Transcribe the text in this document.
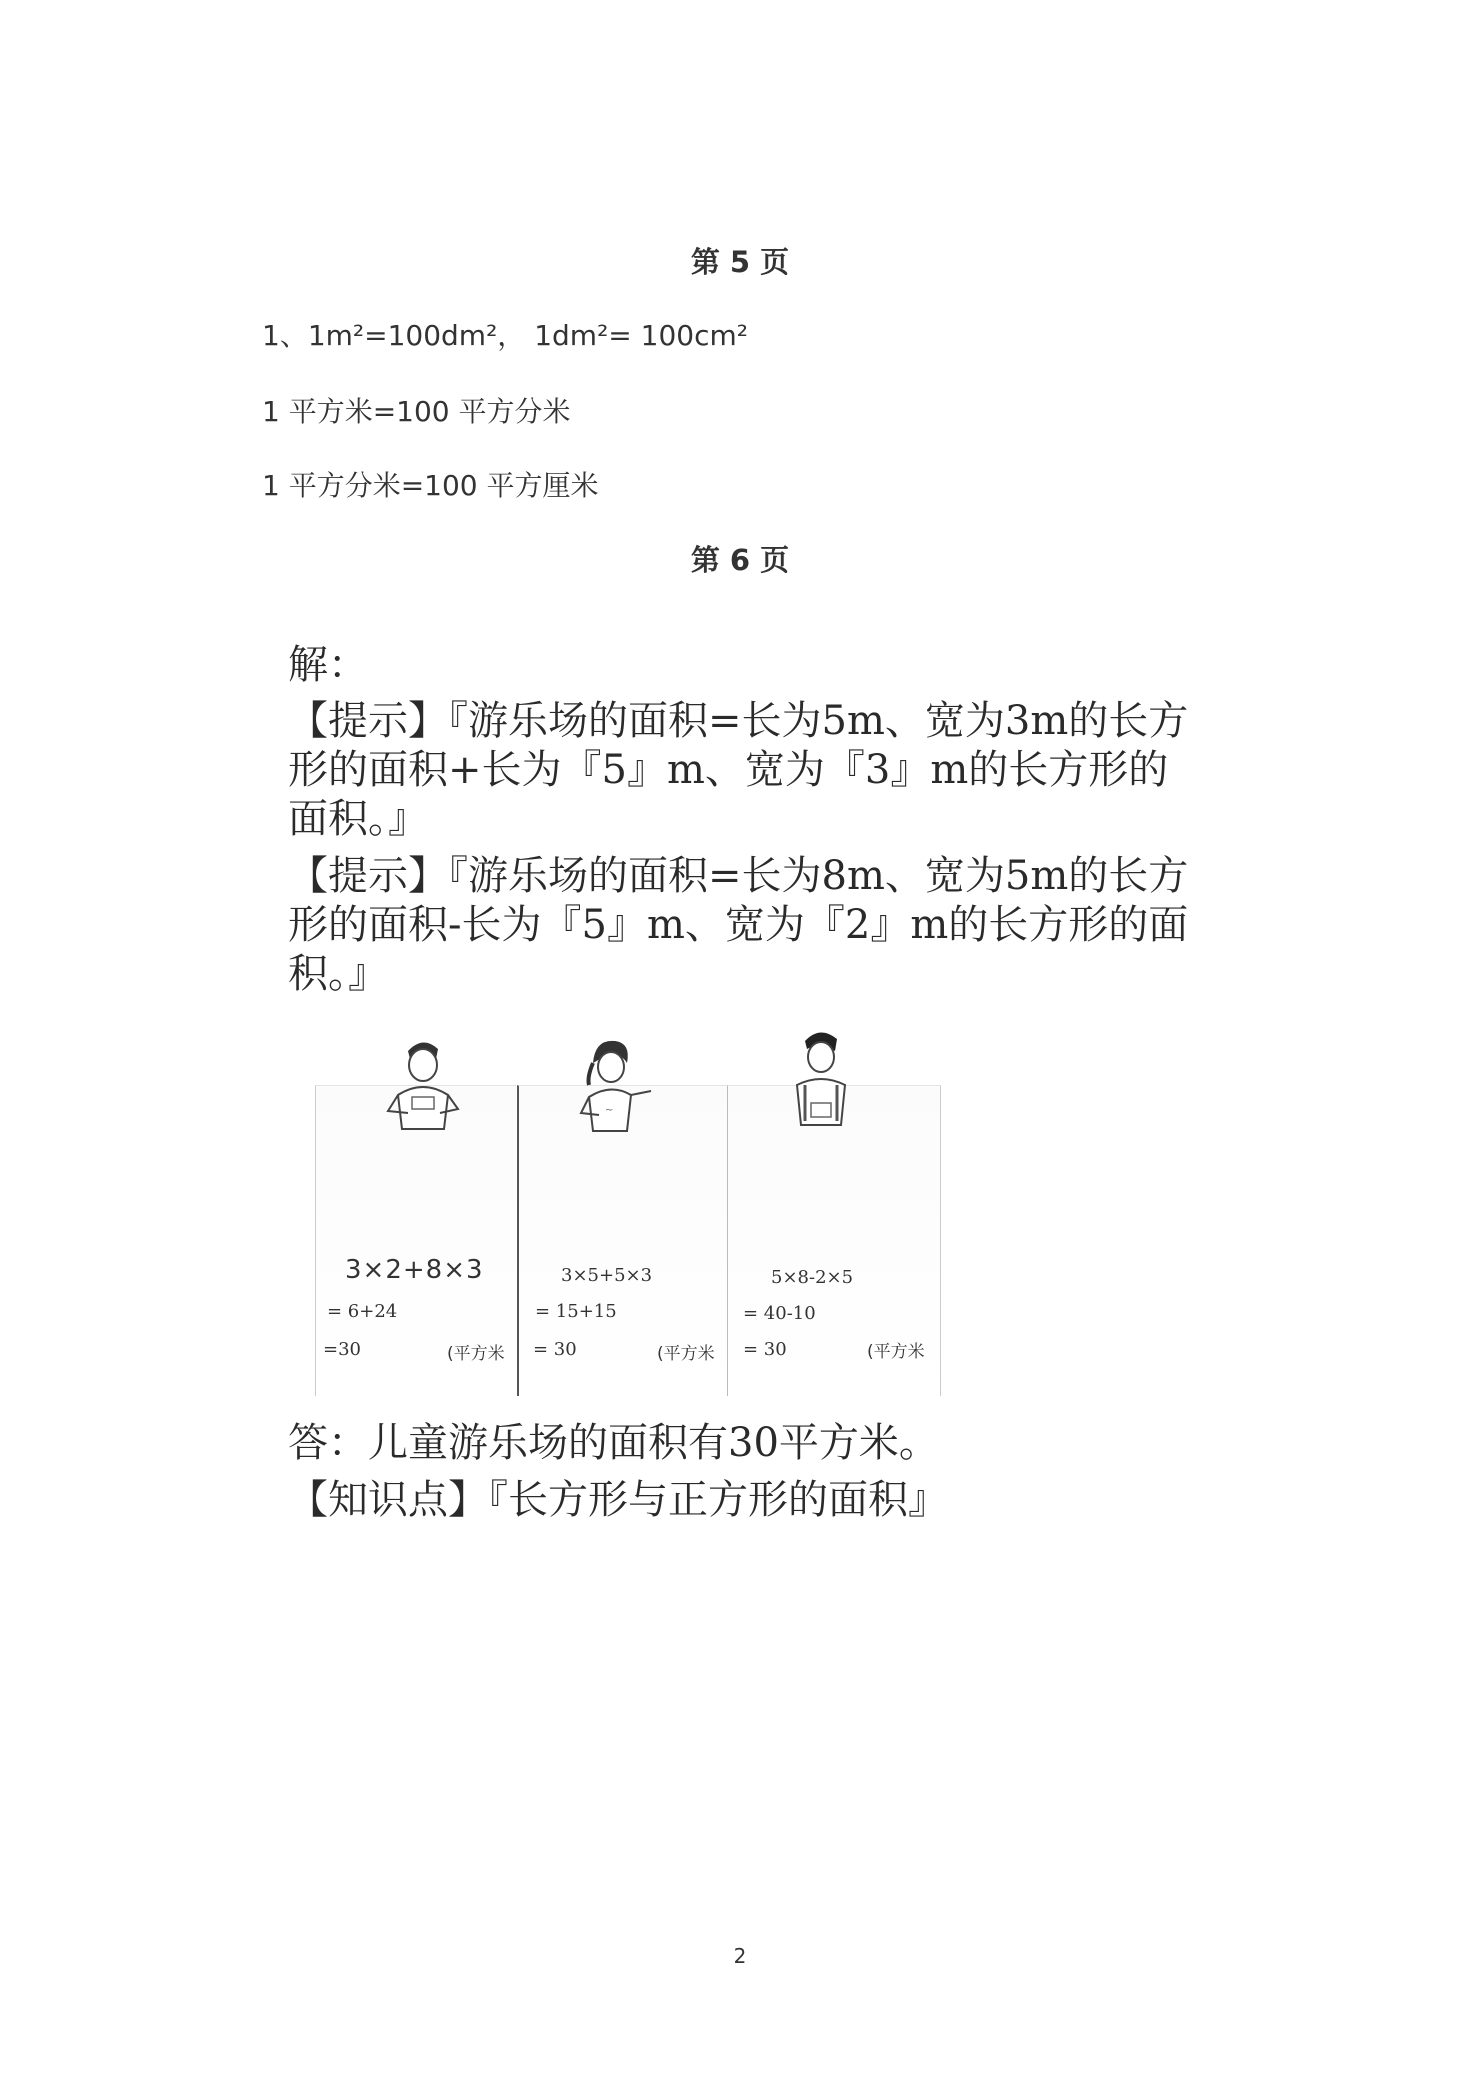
第 5 页
1、1m²=100dm²， 1dm²= 100cm²
1 平方米=100 平方分米
1 平方分米=100 平方厘米
第 6 页
解：
【提示】『游乐场的面积=长为5m、宽为3m的长方形的面积+长为『5』m、宽为『3』m的长方形的面积。』
【提示】『游乐场的面积=长为8m、宽为5m的长方形的面积-长为『5』m、宽为『2』m的长方形的面积。』
~
3×2+8×3
= 6+24
=30	(平方米
3×5+5×3
= 15+15
= 30	(平方米
5×8-2×5
= 40-10
= 30	(平方米
答：儿童游乐场的面积有30平方米。
【知识点】『长方形与正方形的面积』
2
